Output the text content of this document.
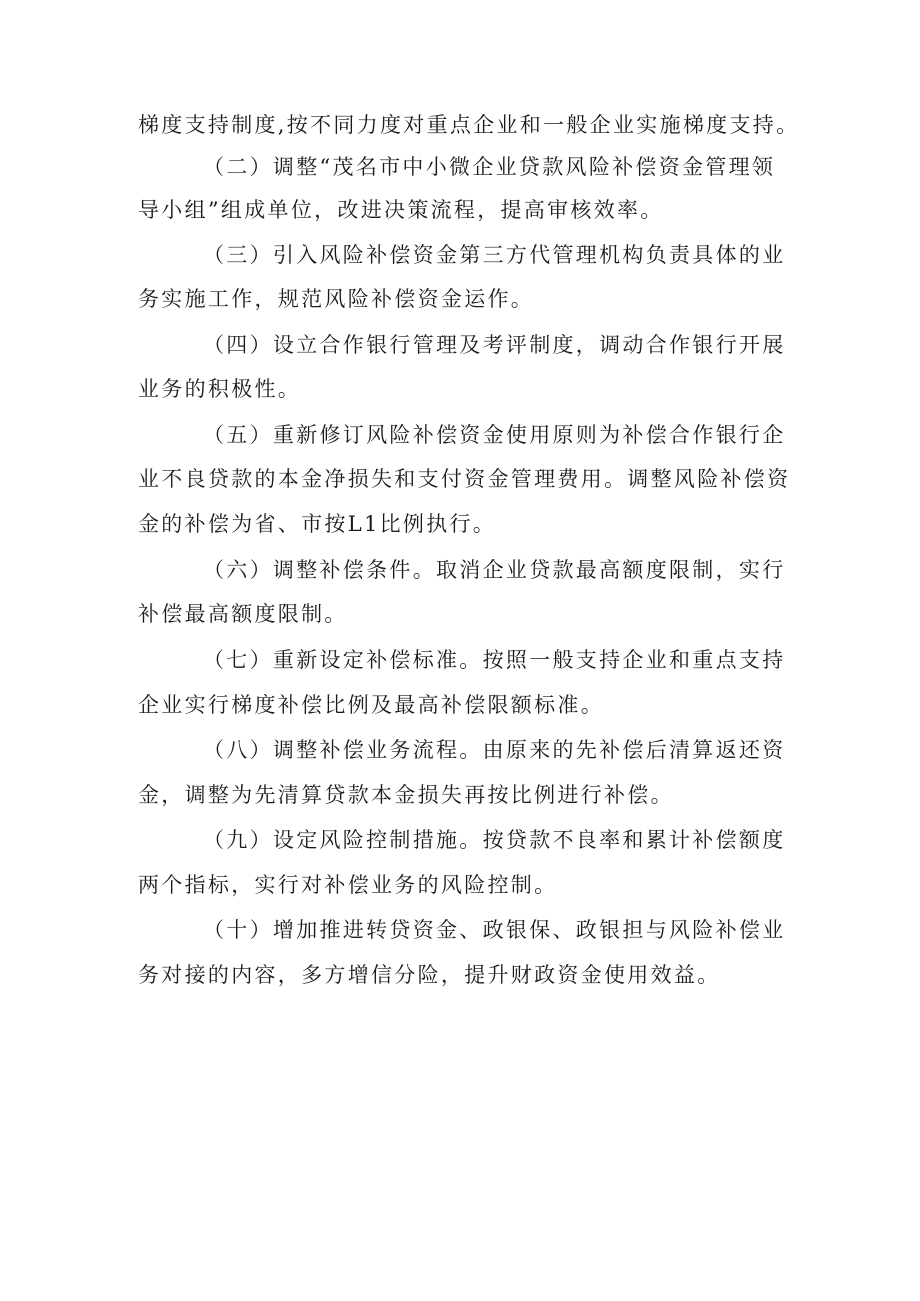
梯度支持制度,按不同力度对重点企业和一般企业实施梯度支持。
（二）调整“茂名市中小微企业贷款风险补偿资金管理领
导小组”组成单位，改进决策流程，提高审核效率。
（三）引入风险补偿资金第三方代管理机构负责具体的业
务实施工作，规范风险补偿资金运作。
（四）设立合作银行管理及考评制度，调动合作银行开展
业务的积极性。
（五）重新修订风险补偿资金使用原则为补偿合作银行企
业不良贷款的本金净损失和支付资金管理费用。调整风险补偿资
金的补偿为省、市按L1比例执行。
（六）调整补偿条件。取消企业贷款最高额度限制，实行
补偿最高额度限制。
（七）重新设定补偿标准。按照一般支持企业和重点支持
企业实行梯度补偿比例及最高补偿限额标准。
（八）调整补偿业务流程。由原来的先补偿后清算返还资
金，调整为先清算贷款本金损失再按比例进行补偿。
（九）设定风险控制措施。按贷款不良率和累计补偿额度
两个指标，实行对补偿业务的风险控制。
（十）增加推进转贷资金、政银保、政银担与风险补偿业
务对接的内容，多方增信分险，提升财政资金使用效益。
